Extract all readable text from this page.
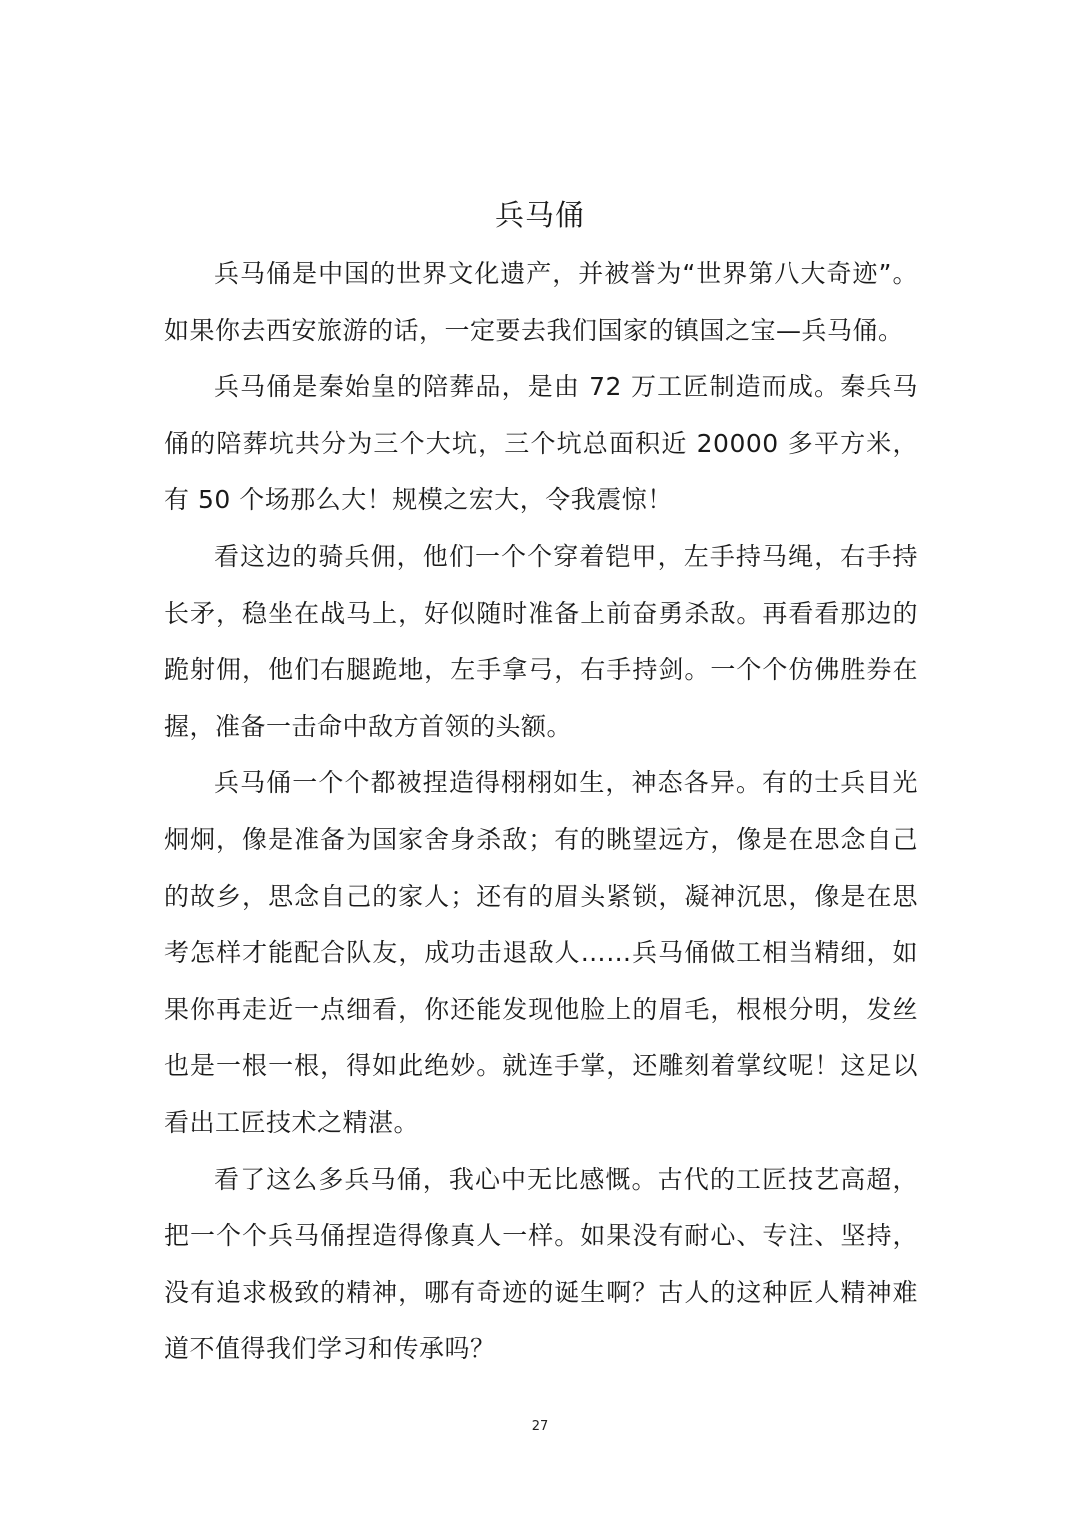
兵马俑

兵马俑是中国的世界文化遗产，并被誉为“世界第八大奇迹”。如果你去西安旅游的话，一定要去我们国家的镇国之宝—兵马俑。

兵马俑是秦始皇的陪葬品，是由 72 万工匠制造而成。秦兵马俑的陪葬坑共分为三个大坑，三个坑总面积近 20000 多平方米，有 50 个场那么大！规模之宏大，令我震惊！

看这边的骑兵佣，他们一个个穿着铠甲，左手持马绳，右手持长矛，稳坐在战马上，好似随时准备上前奋勇杀敌。再看看那边的跪射佣，他们右腿跪地，左手拿弓，右手持剑。一个个仿佛胜券在握，准备一击命中敌方首领的头额。

兵马俑一个个都被捏造得栩栩如生，神态各异。有的士兵目光炯炯，像是准备为国家舍身杀敌；有的眺望远方，像是在思念自己的故乡，思念自己的家人；还有的眉头紧锁，凝神沉思，像是在思考怎样才能配合队友，成功击退敌人……兵马俑做工相当精细，如果你再走近一点细看，你还能发现他脸上的眉毛，根根分明，发丝也是一根一根，得如此绝妙。就连手掌，还雕刻着掌纹呢！这足以看出工匠技术之精湛。

看了这么多兵马俑，我心中无比感慨。古代的工匠技艺高超，把一个个兵马俑捏造得像真人一样。如果没有耐心、专注、坚持，没有追求极致的精神，哪有奇迹的诞生啊？古人的这种匠人精神难道不值得我们学习和传承吗？

27
